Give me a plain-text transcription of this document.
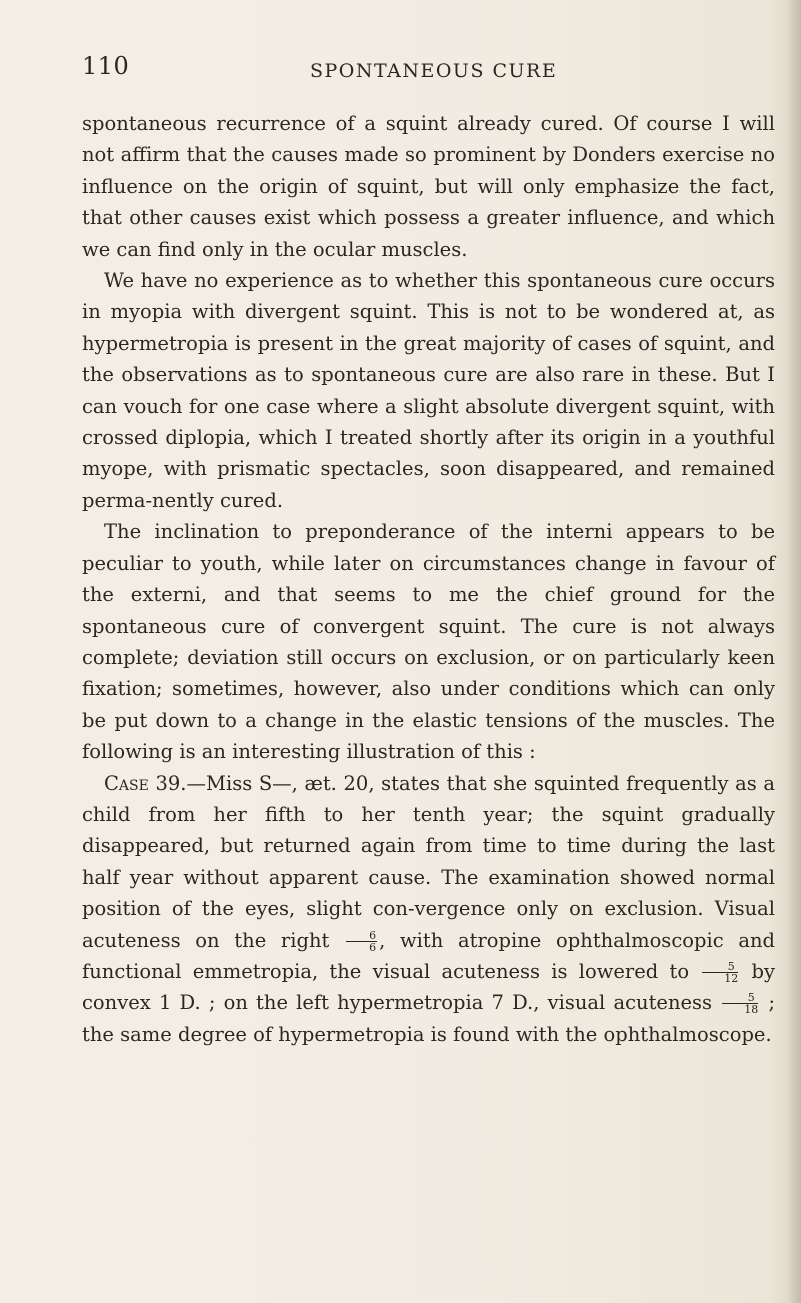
110	SPONTANEOUS CURE

spontaneous recurrence of a squint already cured. Of course I will not affirm that the causes made so prominent by Donders exercise no influence on the origin of squint, but will only emphasize the fact, that other causes exist which possess a greater influence, and which we can find only in the ocular muscles.

We have no experience as to whether this spontaneous cure occurs in myopia with divergent squint. This is not to be wondered at, as hypermetropia is present in the great majority of cases of squint, and the observations as to spontaneous cure are also rare in these. But I can vouch for one case where a slight absolute divergent squint, with crossed diplopia, which I treated shortly after its origin in a youthful myope, with prismatic spectacles, soon disappeared, and remained perma-nently cured.

The inclination to preponderance of the interni appears to be peculiar to youth, while later on circumstances change in favour of the externi, and that seems to me the chief ground for the spontaneous cure of convergent squint. The cure is not always complete; deviation still occurs on exclusion, or on particularly keen fixation; sometimes, however, also under conditions which can only be put down to a change in the elastic tensions of the muscles. The following is an interesting illustration of this :

Case 39.—Miss S—, æt. 20, states that she squinted frequently as a child from her fifth to her tenth year; the squint gradually disappeared, but returned again from time to time during the last half year without apparent cause. The examination showed normal position of the eyes, slight con-vergence only on exclusion. Visual acuteness on the right $\frac{6}{6}$ , with atropine ophthalmoscopic and functional emmetropia, the visual acuteness is lowered to $\frac{5}{12}$ by convex 1 D. ; on the left hypermetropia 7 D., visual acuteness $\frac{5}{18}$ ; the same degree of hypermetropia is found with the ophthalmoscope.
